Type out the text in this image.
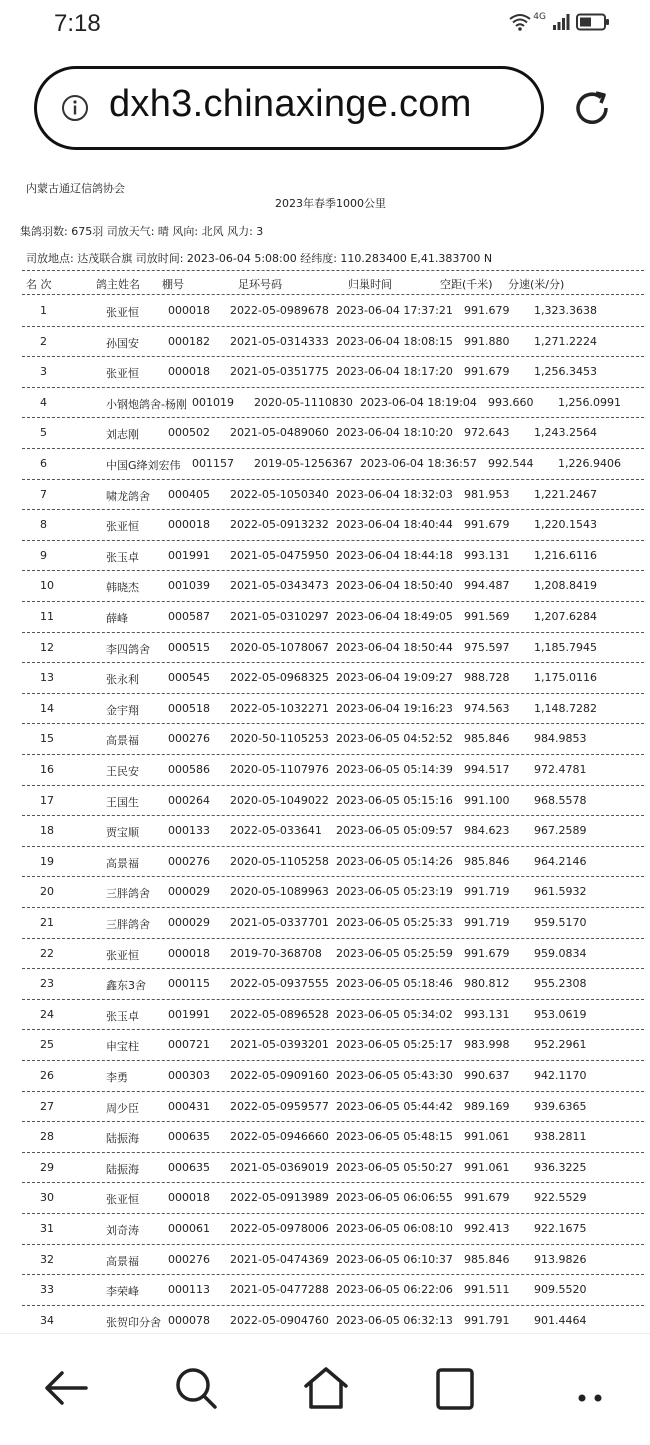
7:18	4G
dxh3.chinaxinge.com
内蒙古通辽信鸽协会
2023年春季1000公里
集鸽羽数: 675羽 司放天气: 晴 风向: 北风 风力: 3
司放地点: 达茂联合旗 司放时间: 2023-06-04 5:08:00 经纬度: 110.283400 E,41.383700 N
名 次	鸽主姓名 棚号	足环号码	归巢时间	空距(千米) 分速(米/分)
1	张亚恒	000018 2022-05-0989678 2023-06-04 17:37:21 991.679 1,323.3638
2	孙国安	000182 2021-05-0314333 2023-06-04 18:08:15 991.880 1,271.2224
3	张亚恒	000018 2021-05-0351775 2023-06-04 18:17:20 991.679 1,256.3453
4	小钢炮鸽舍-杨刚 001019 2020-05-1110830 2023-06-04 18:19:04 993.660 1,256.0991
5	刘志刚	000502 2021-05-0489060 2023-06-04 18:10:20 972.643 1,243.2564
6	中国G绛刘宏伟 001157 2019-05-1256367 2023-06-04 18:36:57 992.544 1,226.9406
7	啸龙鸽舍 000405 2022-05-1050340 2023-06-04 18:32:03 981.953 1,221.2467
8	张亚恒	000018 2022-05-0913232 2023-06-04 18:40:44 991.679 1,220.1543
9	张玉卓	001991 2021-05-0475950 2023-06-04 18:44:18 993.131 1,216.6116
10	韩晓杰	001039 2021-05-0343473 2023-06-04 18:50:40 994.487 1,208.8419
11	薛峰	000587 2021-05-0310297 2023-06-04 18:49:05 991.569 1,207.6284
12	李四鸽舍 000515 2020-05-1078067 2023-06-04 18:50:44 975.597 1,185.7945
13	张永利	000545 2022-05-0968325 2023-06-04 19:09:27 988.728 1,175.0116
14	金宇翔	000518 2022-05-1032271 2023-06-04 19:16:23 974.563 1,148.7282
15	高景福	000276 2020-50-1105253 2023-06-05 04:52:52 985.846 984.9853
16	王民安	000586 2020-05-1107976 2023-06-05 05:14:39 994.517 972.4781
17	王国生	000264 2020-05-1049022 2023-06-05 05:15:16 991.100 968.5578
18	贾宝顺	000133 2022-05-033641 2023-06-05 05:09:57 984.623 967.2589
19	高景福	000276 2020-05-1105258 2023-06-05 05:14:26 985.846 964.2146
20	三胖鸽舍 000029 2020-05-1089963 2023-06-05 05:23:19 991.719 961.5932
21	三胖鸽舍 000029 2021-05-0337701 2023-06-05 05:25:33 991.719 959.5170
22	张亚恒	000018 2019-70-368708 2023-06-05 05:25:59 991.679 959.0834
23	鑫东3舍 000115 2022-05-0937555 2023-06-05 05:18:46 980.812 955.2308
24	张玉卓	001991 2022-05-0896528 2023-06-05 05:34:02 993.131 953.0619
25	申宝柱	000721 2021-05-0393201 2023-06-05 05:25:17 983.998 952.2961
26	李勇	000303 2022-05-0909160 2023-06-05 05:43:30 990.637 942.1170
27	周少臣	000431 2022-05-0959577 2023-06-05 05:44:42 989.169 939.6365
28	陆振海	000635 2022-05-0946660 2023-06-05 05:48:15 991.061 938.2811
29	陆振海	000635 2021-05-0369019 2023-06-05 05:50:27 991.061 936.3225
30	张亚恒	000018 2022-05-0913989 2023-06-05 06:06:55 991.679 922.5529
31	刘奇涛	000061 2022-05-0978006 2023-06-05 06:08:10 992.413 922.1675
32	高景福	000276 2021-05-0474369 2023-06-05 06:10:37 985.846 913.9826
33	李荣峰	000113 2021-05-0477288 2023-06-05 06:22:06 991.511 909.5520
34	张贺印分舍 000078 2022-05-0904760 2023-06-05 06:32:13 991.791 901.4464
